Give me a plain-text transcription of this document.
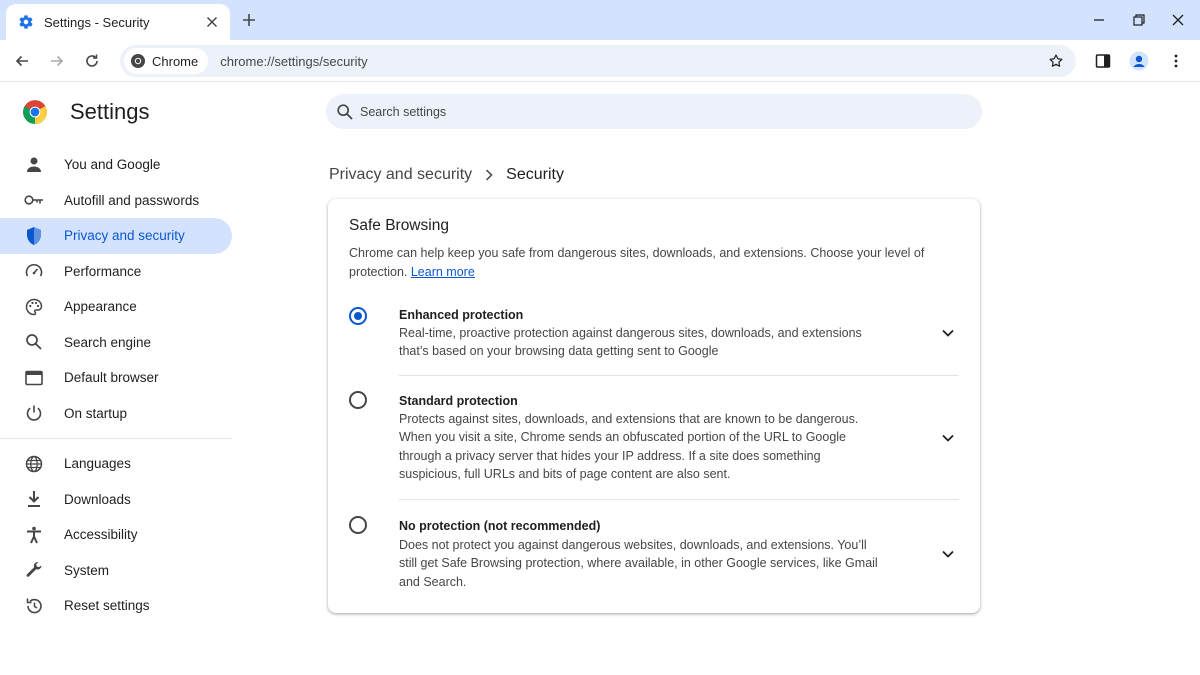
Settings - Security
Chrome chrome://settings/security
Settings
You and Google
Autofill and passwords
Privacy and security
Performance
Appearance
Search engine
Default browser
On startup
Languages
Downloads
Accessibility
System
Reset settings
Search settings
Privacy and security Security
Safe Browsing
Chrome can help keep you safe from dangerous sites, downloads, and extensions. Choose your level of protection. Learn more
Enhanced protection
Real-time, proactive protection against dangerous sites, downloads, and extensions that’s based on your browsing data getting sent to Google
Standard protection
Protects against sites, downloads, and extensions that are known to be dangerous. When you visit a site, Chrome sends an obfuscated portion of the URL to Google through a privacy server that hides your IP address. If a site does something suspicious, full URLs and bits of page content are also sent.
No protection (not recommended)
Does not protect you against dangerous websites, downloads, and extensions. You’ll still get Safe Browsing protection, where available, in other Google services, like Gmail and Search.
